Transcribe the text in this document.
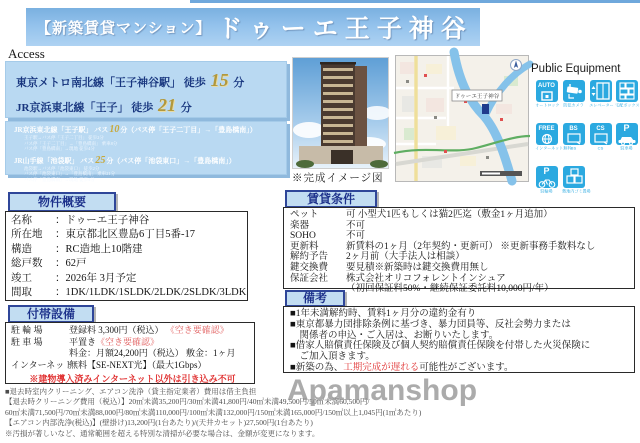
【新築賃貸マンション】 ドゥーエ王子神谷
Access
東京メトロ南北線「王子神谷駅」 徒歩 15 分
JR京浜東北線「王子」 徒歩 21 分
JR京浜東北線「王子駅」 バス10分（バス停「王子二丁目」→「豊島橋南」）
王子駅→バス停「王子二丁目」 徒歩2分
バス停「王子二丁目」→「豊島橋南」 乗車8分
バス停「豊島橋南」→現地 徒歩4分
JR山手線「池袋駅」 バス25分（バス停「池袋東口」→「豊島橋南」）
池袋駅→バス停「池袋東口」 徒歩2分
バス停「池袋東口」→「豊島橋南」 乗車21分
バス停「豊島橋南」→現地 徒歩4分	※完成イメージ図
ドゥーエ王子神谷
Public Equipment
AUTO
オートロック 防犯カメラ エレベーター 宅配ボックス
FREE
インターネット無料
BS
BS
CS
CS
P
駐車場
P
駐輪場	敷地内ゴミ置場
物件概要
名称	：ドゥーエ王子神谷
所在地	：東京都北区豊島6丁目5番-17
構造	：RC造地上10階建
総戸数	：62戸
竣工	：2026年 3月予定
間取	：1DK/1LDK/1SLDK/2LDK/2SLDK/3LDK
賃貸条件
ペット	可 小型犬1匹もしくは猫2匹迄（敷金1ヶ月追加）
楽器	不可
SOHO	不可
更新料	新賃料の1ヶ月（2年契約・更新可） ※更新事務手数料なし
解約予告	2ヶ月前（大手法人は相談）
鍵交換費	要見積※新築時は鍵交換費用無し
保証会社	株式会社オリコフォレントインシュア
（初回保証料50%・継続保証委託料10,000円/年）
備考
■1年未満解約時、賃料1ヶ月分の違約金有り
■東京都暴力団排除条例に基づき、暴力団員等、反社会勢力または
　関係者の申込・ご入居は、お断りいたします。
■借家人賠償責任保険及び個人契約賠償責任保険を付帯した火災保険に
　ご加入頂きます。
■新築の為、工期完成が遅れる可能性がございます。
付帯設備
駐 輪 場	登録料 3,300円（税込） 《空き要確認》
駐 車 場	平置き《空き要確認》
料金：月額24,200円（税込） 敷金：1ヶ月
インターネット
無料【SE-NEXT光】（最大1Gbps）
※建物導入済みインターネット以外は引き込み不可
■退去時室内クリーニング、エアコン洗浄（貸主指定業者）費用は借主負担
【退去時クリーニング費用（税込）】20㎡未満35,200円/30㎡未満41,800円/40㎡未満49,500円/50㎡未満60,500円/
60㎡未満71,500円/70㎡未満88,000円/80㎡未満110,000円/100㎡未満132,000円/150㎡未満165,000円/150㎡以上1,045円(1㎡あたり)
【エアコン内部洗浄(税込)】(壁掛け)13,200円(1台あたり)/(天井カセット)27,500円(1台あたり)
※汚損が著しいなど、通常範囲を超える特別な清掃が必要な場合は、金額が変更になります。
Apamanshop
